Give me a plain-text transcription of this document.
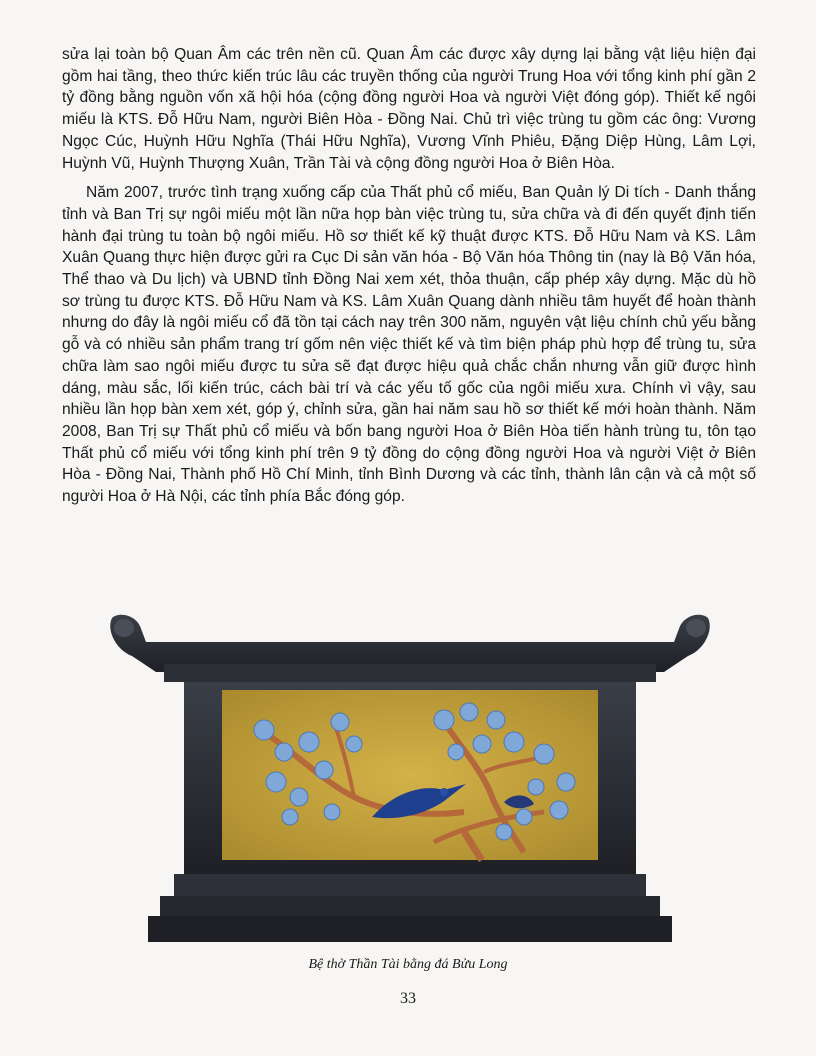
sửa lại toàn bộ Quan Âm các trên nền cũ. Quan Âm các được xây dựng lại bằng vật liệu hiện đại gồm hai tầng, theo thức kiến trúc lâu các truyền thống của người Trung Hoa với tổng kinh phí gần 2 tỷ đồng bằng nguồn vốn xã hội hóa (cộng đồng người Hoa và người Việt đóng góp). Thiết kế ngôi miếu là KTS. Đỗ Hữu Nam, người Biên Hòa - Đồng Nai. Chủ trì việc trùng tu gồm các ông: Vương Ngọc Cúc, Huỳnh Hữu Nghĩa (Thái Hữu Nghĩa), Vương Vĩnh Phiêu, Đặng Diệp Hùng, Lâm Lợi, Huỳnh Vũ, Huỳnh Thượng Xuân, Trần Tài và cộng đồng người Hoa ở Biên Hòa.

Năm 2007, trước tình trạng xuống cấp của Thất phủ cổ miếu, Ban Quản lý Di tích - Danh thắng tỉnh và Ban Trị sự ngôi miếu một lần nữa họp bàn việc trùng tu, sửa chữa và đi đến quyết định tiến hành đại trùng tu toàn bộ ngôi miếu. Hồ sơ thiết kế kỹ thuật được KTS. Đỗ Hữu Nam và KS. Lâm Xuân Quang thực hiện được gửi ra Cục Di sản văn hóa - Bộ Văn hóa Thông tin (nay là Bộ Văn hóa, Thể thao và Du lịch) và UBND tỉnh Đồng Nai xem xét, thỏa thuận, cấp phép xây dựng. Mặc dù hồ sơ trùng tu được KTS. Đỗ Hữu Nam và KS. Lâm Xuân Quang dành nhiều tâm huyết để hoàn thành nhưng do đây là ngôi miếu cổ đã tồn tại cách nay trên 300 năm, nguyên vật liệu chính chủ yếu bằng gỗ và có nhiều sản phẩm trang trí gốm nên việc thiết kế và tìm biện pháp phù hợp để trùng tu, sửa chữa làm sao ngôi miếu được tu sửa sẽ đạt được hiệu quả chắc chắn nhưng vẫn giữ được hình dáng, màu sắc, lối kiến trúc, cách bài trí và các yếu tố gốc của ngôi miếu xưa. Chính vì vậy, sau nhiều lần họp bàn xem xét, góp ý, chỉnh sửa, gần hai năm sau hồ sơ thiết kế mới hoàn thành. Năm 2008, Ban Trị sự Thất phủ cổ miếu và bốn bang người Hoa ở Biên Hòa tiến hành trùng tu, tôn tạo Thất phủ cổ miếu với tổng kinh phí trên 9 tỷ đồng do cộng đồng người Hoa và người Việt ở Biên Hòa - Đồng Nai, Thành phố Hồ Chí Minh, tỉnh Bình Dương và các tỉnh, thành lân cận và cả một số người Hoa ở Hà Nội, các tỉnh phía Bắc đóng góp.

Bệ thờ Thần Tài bằng đá Bửu Long
33
